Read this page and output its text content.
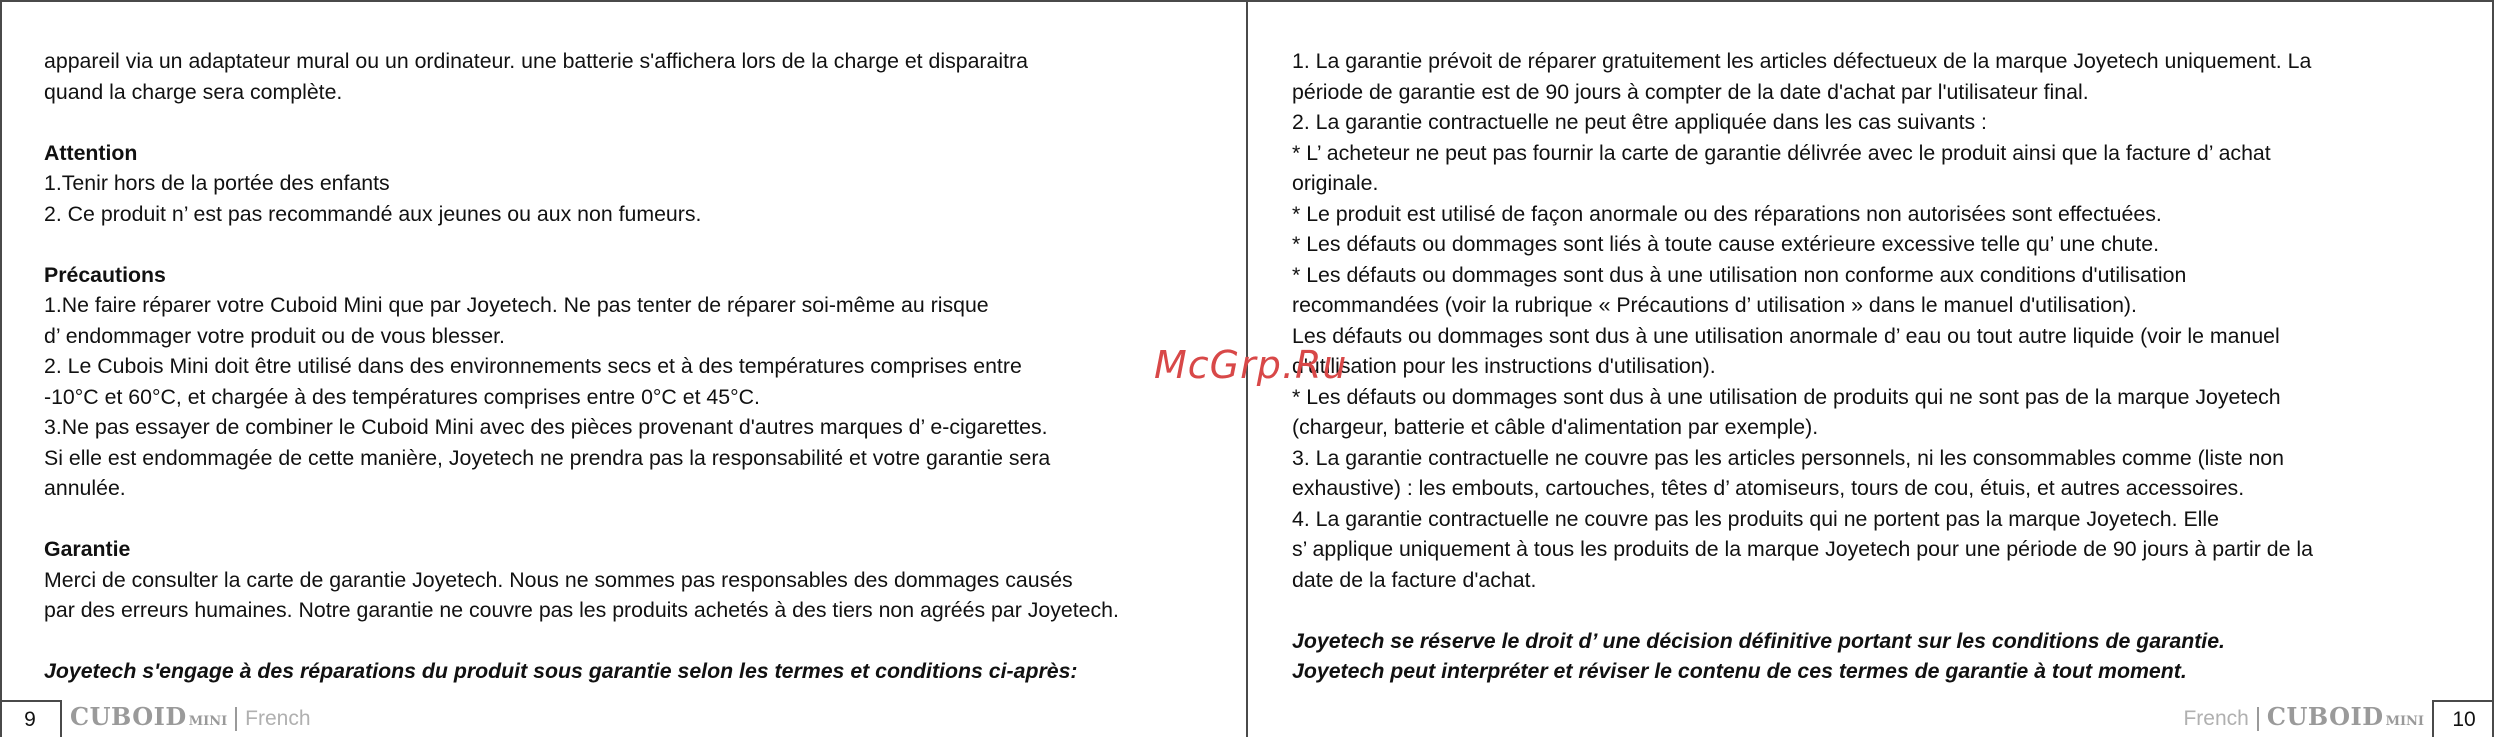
appareil via un adaptateur mural ou un ordinateur. une batterie s'affichera lors de la charge et disparaitra
quand la charge sera complète.
Attention
1.Tenir hors de la portée des enfants
2. Ce produit n’ est pas recommandé aux jeunes ou aux non fumeurs.
Précautions
1.Ne faire réparer votre Cuboid Mini que par Joyetech. Ne pas tenter de réparer soi-même au risque
d’ endommager votre produit ou de vous blesser.
2. Le Cubois Mini doit être utilisé dans des environnements secs et à des températures comprises entre
-10°C et 60°C, et chargée à des températures comprises entre 0°C et 45°C.
3.Ne pas essayer de combiner le Cuboid Mini avec des pièces provenant d'autres marques d’ e-cigarettes.
Si elle est endommagée de cette manière, Joyetech ne prendra pas la responsabilité et votre garantie sera
annulée.
Garantie
Merci de consulter la carte de garantie Joyetech. Nous ne sommes pas responsables des dommages causés
par des erreurs humaines. Notre garantie ne couvre pas les produits achetés à des tiers non agréés par Joyetech.
Joyetech s'engage à des réparations du produit sous garantie selon les termes et conditions ci-après:
9	CUBOID MINI French
1. La garantie prévoit de réparer gratuitement les articles défectueux de la marque Joyetech uniquement. La
période de garantie est de 90 jours à compter de la date d'achat par l'utilisateur final.
2. La garantie contractuelle ne peut être appliquée dans les cas suivants :
* L’ acheteur ne peut pas fournir la carte de garantie délivrée avec le produit ainsi que la facture d’ achat
originale.
* Le produit est utilisé de façon anormale ou des réparations non autorisées sont effectuées.
* Les défauts ou dommages sont liés à toute cause extérieure excessive telle qu’ une chute.
* Les défauts ou dommages sont dus à une utilisation non conforme aux conditions d'utilisation
recommandées (voir la rubrique « Précautions d’ utilisation » dans le manuel d'utilisation).
Les défauts ou dommages sont dus à une utilisation anormale d’ eau ou tout autre liquide (voir le manuel
d'utilisation pour les instructions d'utilisation).
* Les défauts ou dommages sont dus à une utilisation de produits qui ne sont pas de la marque Joyetech
(chargeur, batterie et câble d'alimentation par exemple).
3. La garantie contractuelle ne couvre pas les articles personnels, ni les consommables comme (liste non
exhaustive) : les embouts, cartouches, têtes d’ atomiseurs, tours de cou, étuis, et autres accessoires.
4. La garantie contractuelle ne couvre pas les produits qui ne portent pas la marque Joyetech. Elle
s’ applique uniquement à tous les produits de la marque Joyetech pour une période de 90 jours à partir de la
date de la facture d'achat.
Joyetech se réserve le droit d’ une décision définitive portant sur les conditions de garantie.
Joyetech peut interpréter et réviser le contenu de ces termes de garantie à tout moment.
French CUBOID MINI	10
McGrp.Ru
